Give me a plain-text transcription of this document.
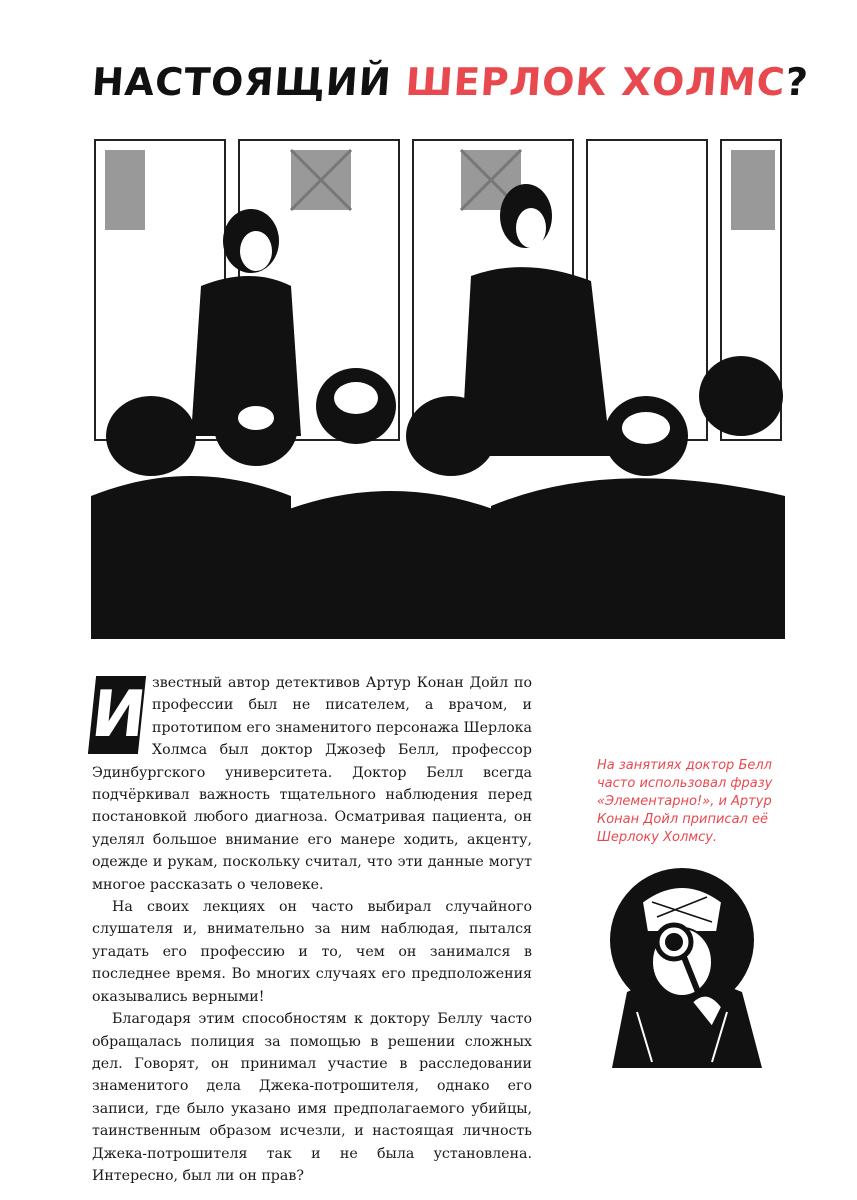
НАСТОЯЩИЙ ШЕРЛОК ХОЛМС?

И звестный автор детективов Артур Конан Дойл по профессии был не писателем, а врачом, и прототипом его знаменитого персонажа Шерлока Холмса был доктор Джозеф Белл, профессор Эдинбургского университета. Доктор Белл всегда подчёркивал важность тщательного наблюдения перед постановкой любого диагноза. Осматривая пациента, он уделял большое внимание его манере ходить, акценту, одежде и рукам, поскольку считал, что эти данные могут многое рассказать о человеке.

На своих лекциях он часто выбирал случайного слушателя и, внимательно за ним наблюдая, пытался угадать его профессию и то, чем он занимался в последнее время. Во многих случаях его предположения оказывались верными!

Благодаря этим способностям к доктору Беллу часто обращалась полиция за помощью в решении сложных дел. Говорят, он принимал участие в расследовании знаменитого дела Джека-потрошителя, однако его записи, где было указано имя предполагаемого убийцы, таинственным образом исчезли, и настоящая личность Джека-потрошителя так и не была установлена. Интересно, был ли он прав?

На занятиях доктор Белл часто использовал фразу «Элементарно!», и Артур Конан Дойл приписал её Шерлоку Холмсу.
